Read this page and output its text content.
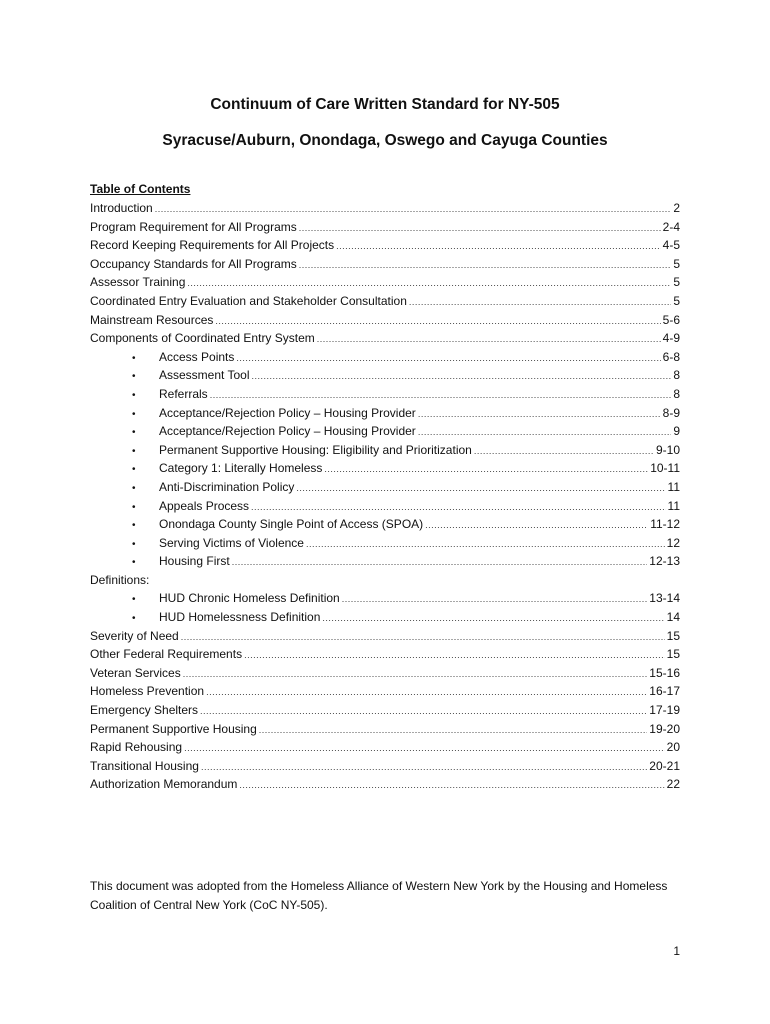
Continuum of Care Written Standard for NY-505
Syracuse/Auburn, Onondaga, Oswego and Cayuga Counties
Table of Contents
Introduction .....	2
Program Requirement for All Programs .....	2-4
Record Keeping Requirements for All Projects .....	4-5
Occupancy Standards for All Programs .....	5
Assessor Training .....	5
Coordinated Entry Evaluation and Stakeholder Consultation .....	5
Mainstream Resources .....	5-6
Components of Coordinated Entry System .....	4-9
•	Access Points .....	6-8
•	Assessment Tool .....	8
•	Referrals .....	8
•	Acceptance/Rejection Policy – Housing Provider .....	8-9
•	Acceptance/Rejection Policy – Housing Provider .....	9
•	Permanent Supportive Housing: Eligibility and Prioritization .....	9-10
•	Category 1: Literally Homeless .....	10-11
•	Anti-Discrimination Policy .....	11
•	Appeals Process .....	11
•	Onondaga County Single Point of Access (SPOA) .....	11-12
•	Serving Victims of Violence .....	12
•	Housing First .....	12-13
Definitions:
•	HUD Chronic Homeless Definition .....	13-14
•	HUD Homelessness Definition .....	14
Severity of Need .....	15
Other Federal Requirements .....	15
Veteran Services .....	15-16
Homeless Prevention .....	16-17
Emergency Shelters .....	17-19
Permanent Supportive Housing .....	19-20
Rapid Rehousing .....	20
Transitional Housing .....	20-21
Authorization Memorandum .....	22
This document was adopted from the Homeless Alliance of Western New York by the Housing and Homeless Coalition of Central New York (CoC NY-505).
1
